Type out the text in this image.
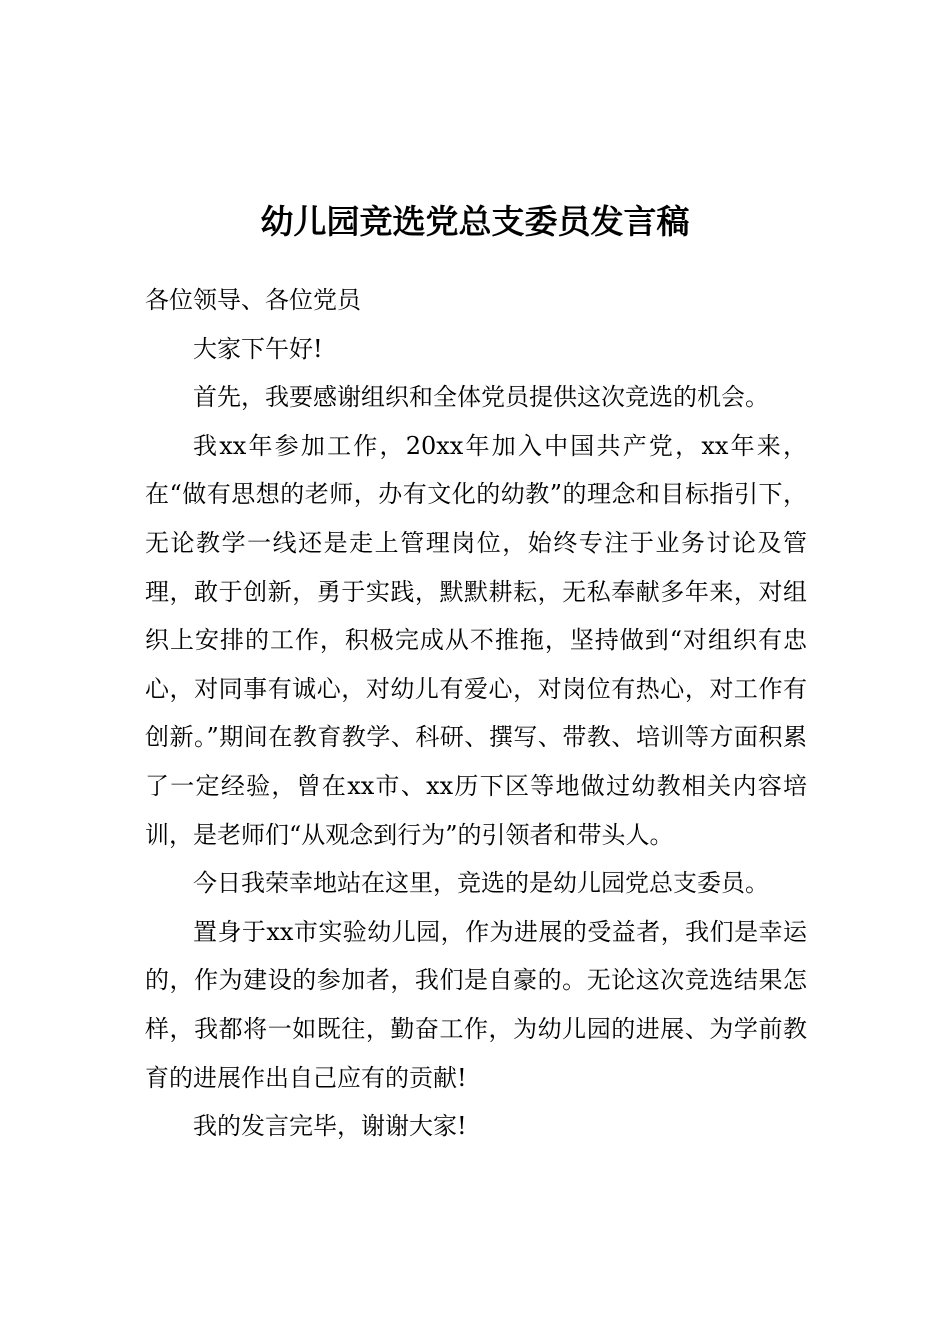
幼儿园竞选党总支委员发言稿

各位领导、各位党员

大家下午好!

首先，我要感谢组织和全体党员提供这次竞选的机会。

我xx年参加工作，20xx年加入中国共产党，xx年来，在“做有思想的老师，办有文化的幼教”的理念和目标指引下，无论教学一线还是走上管理岗位，始终专注于业务讨论及管理，敢于创新，勇于实践，默默耕耘，无私奉献多年来，对组织上安排的工作，积极完成从不推拖，坚持做到“对组织有忠心，对同事有诚心，对幼儿有爱心，对岗位有热心，对工作有创新。”期间在教育教学、科研、撰写、带教、培训等方面积累了一定经验，曾在xx市、xx历下区等地做过幼教相关内容培训，是老师们“从观念到行为”的引领者和带头人。

今日我荣幸地站在这里，竞选的是幼儿园党总支委员。

置身于xx市实验幼儿园，作为进展的受益者，我们是幸运的，作为建设的参加者，我们是自豪的。无论这次竞选结果怎样，我都将一如既往，勤奋工作，为幼儿园的进展、为学前教育的进展作出自己应有的贡献!

我的发言完毕，谢谢大家!
